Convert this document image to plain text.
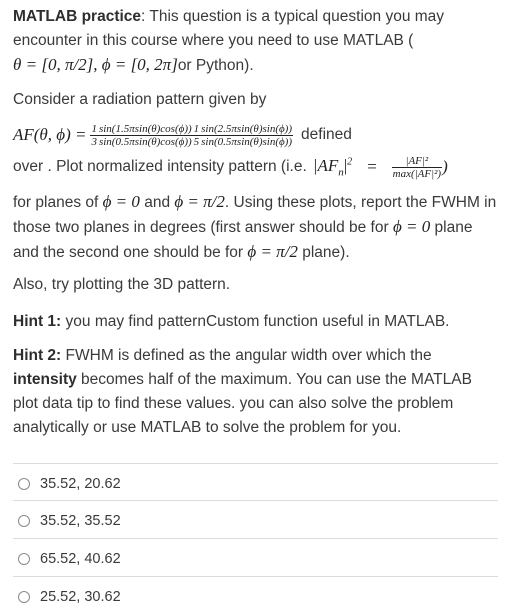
MATLAB practice: This question is a typical question you may encounter in this course where you need to use MATLAB (
θ = [0, π/2], ϕ = [0, 2π]or Python).
Consider a radiation pattern given by
AF(θ, $\phi) = \frac{1}{3} \frac{\sin(1.5\pi\sin(\theta)\cos(\phi))}{\sin(0.5\pi\sin(\theta)\cos(\phi))} \frac{1}{5} \frac{\sin(2.5\pi\sin(\theta)\sin(\phi))}{\sin(0.5\pi\sin(\theta)\sin(\phi))}$ defined
over . Plot normalized intensity pattern (i.e. $|AF_n|^2 = \frac{\text{|AF|²}}{\text{max(|AF|²)}}$ )
for planes of ϕ = 0 and ϕ = π/2. Using these plots, report the FWHM in those two planes in degrees (first answer should be for ϕ = 0 plane and the second one should be for ϕ = π/2 plane).
Also, try plotting the 3D pattern.
Hint 1: you may find patternCustom function useful in MATLAB.
Hint 2: FWHM is defined as the angular width over which the intensity becomes half of the maximum. You can use the MATLAB plot data tip to find these values. you can also solve the problem analytically or use MATLAB to solve the problem for you.
35.52, 20.62
35.52, 35.52
65.52, 40.62
25.52, 30.62
